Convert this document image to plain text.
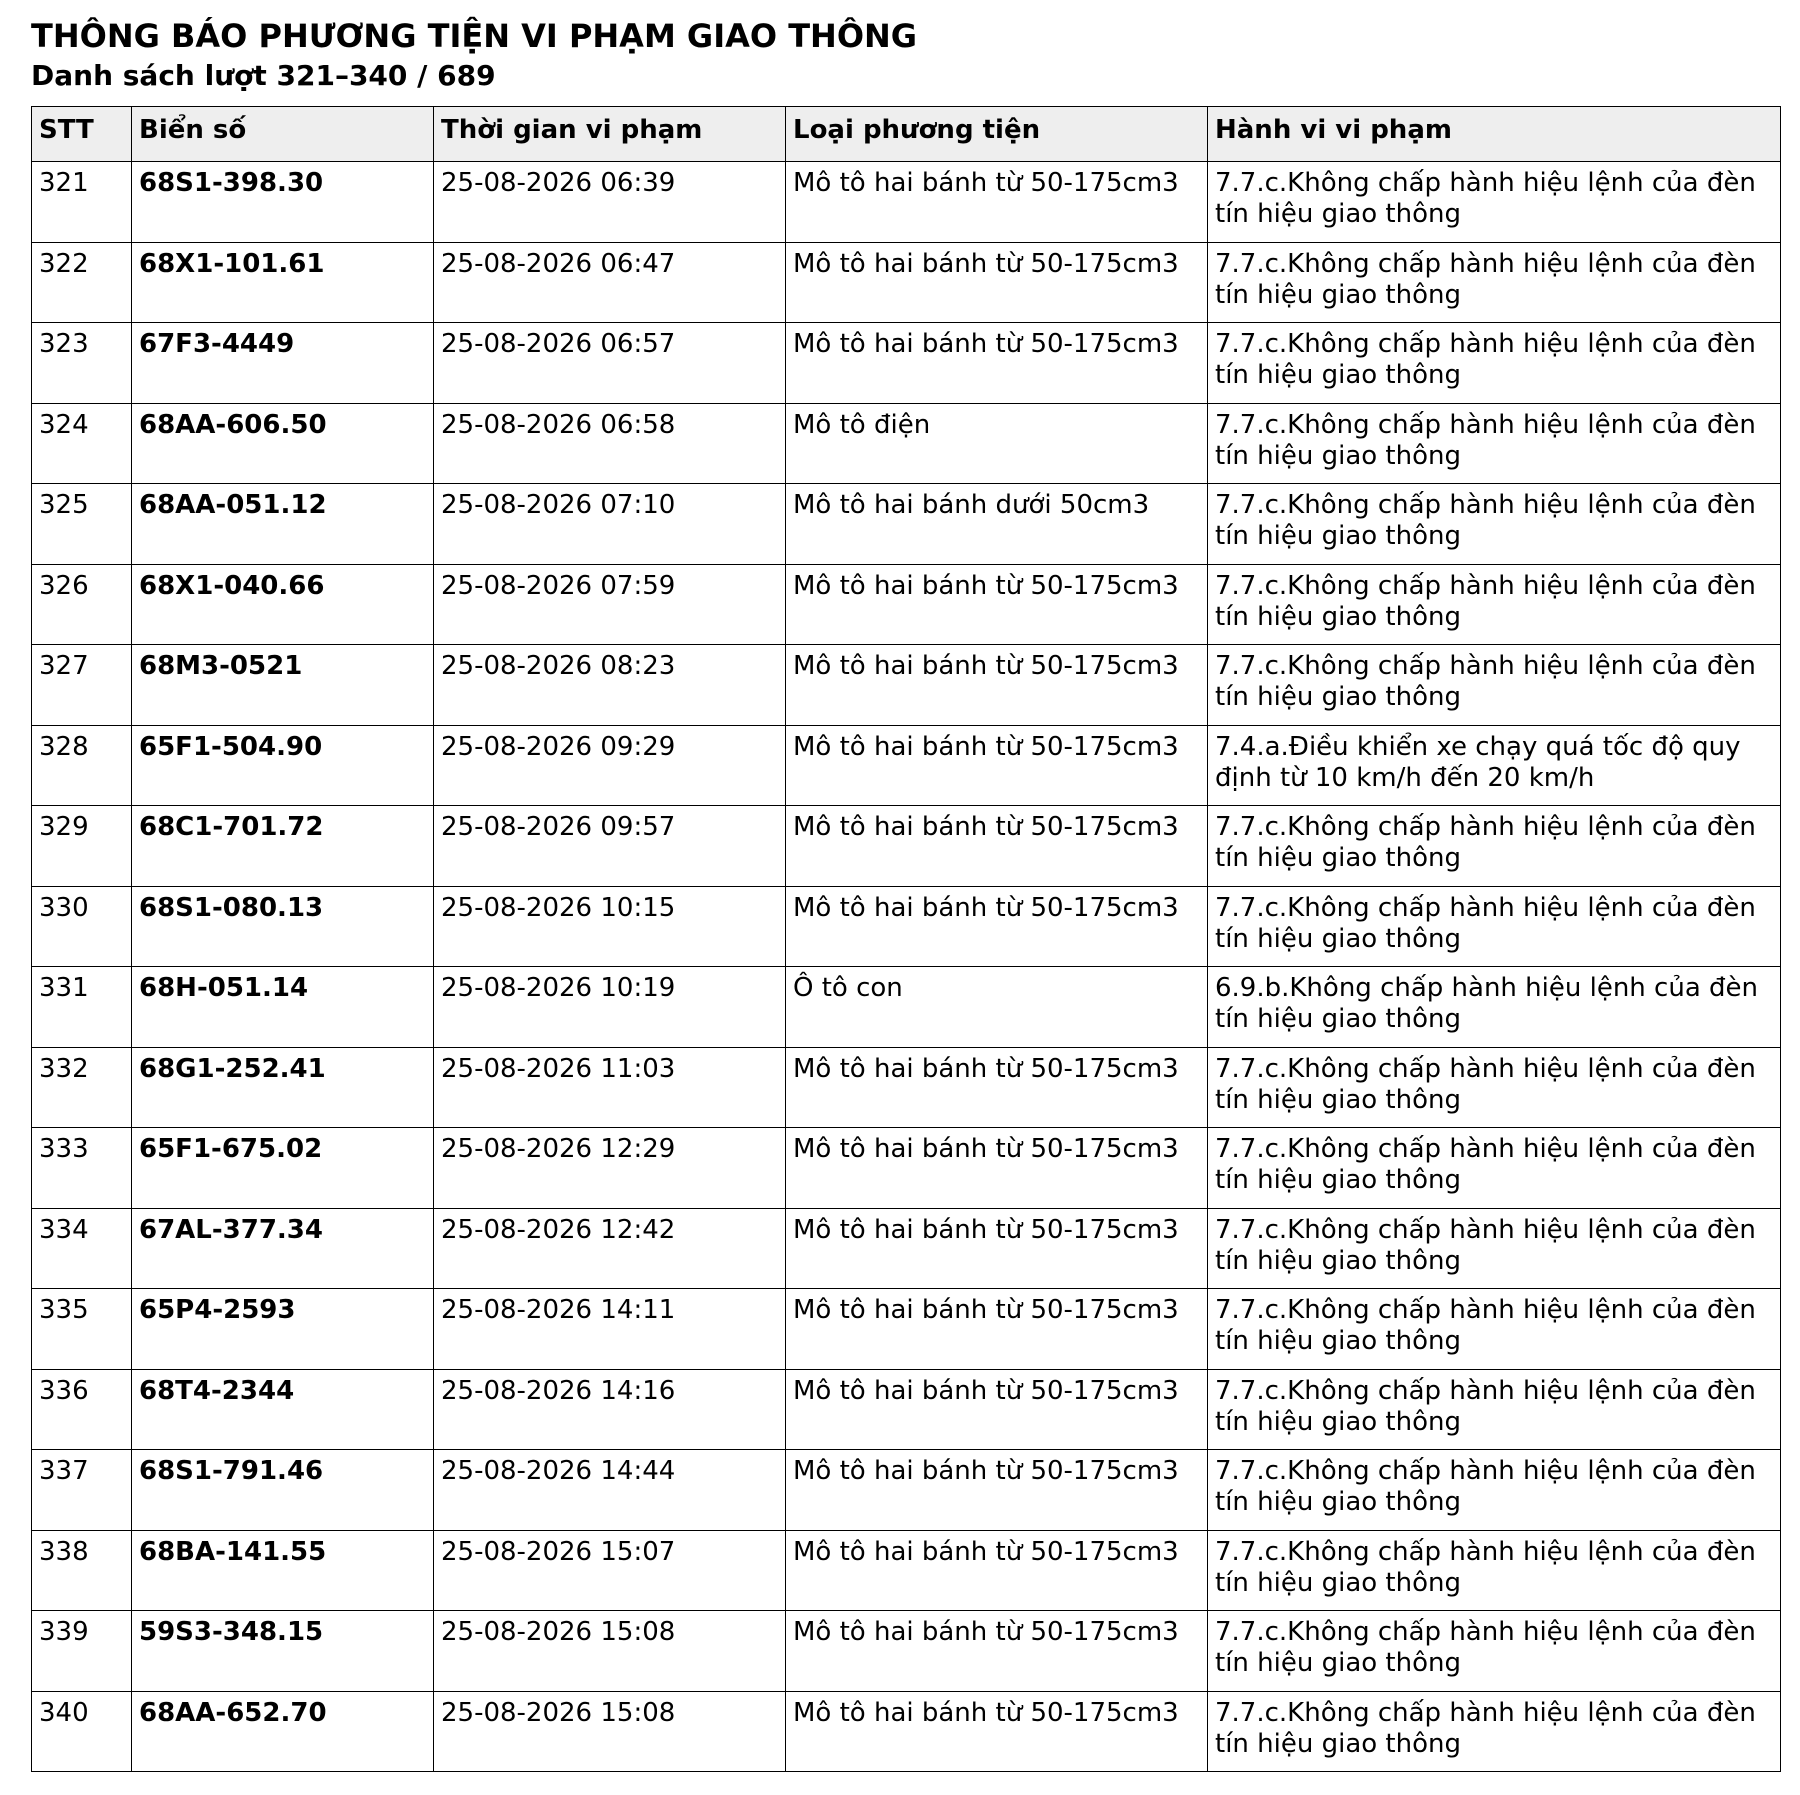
THÔNG BÁO PHƯƠNG TIỆN VI PHẠM GIAO THÔNG
Danh sách lượt 321–340 / 689
STT	Biển số	Thời gian vi phạm	Loại phương tiện	Hành vi vi phạm
321	68S1-398.30	25-08-2026 06:39	Mô tô hai bánh từ 50-175cm3	7.7.c.Không chấp hành hiệu lệnh của đèn tín hiệu giao thông
322	68X1-101.61	25-08-2026 06:47	Mô tô hai bánh từ 50-175cm3	7.7.c.Không chấp hành hiệu lệnh của đèn tín hiệu giao thông
323	67F3-4449	25-08-2026 06:57	Mô tô hai bánh từ 50-175cm3	7.7.c.Không chấp hành hiệu lệnh của đèn tín hiệu giao thông
324	68AA-606.50	25-08-2026 06:58	Mô tô điện	7.7.c.Không chấp hành hiệu lệnh của đèn tín hiệu giao thông
325	68AA-051.12	25-08-2026 07:10	Mô tô hai bánh dưới 50cm3	7.7.c.Không chấp hành hiệu lệnh của đèn tín hiệu giao thông
326	68X1-040.66	25-08-2026 07:59	Mô tô hai bánh từ 50-175cm3	7.7.c.Không chấp hành hiệu lệnh của đèn tín hiệu giao thông
327	68M3-0521	25-08-2026 08:23	Mô tô hai bánh từ 50-175cm3	7.7.c.Không chấp hành hiệu lệnh của đèn tín hiệu giao thông
328	65F1-504.90	25-08-2026 09:29	Mô tô hai bánh từ 50-175cm3	7.4.a.Điều khiển xe chạy quá tốc độ quy định từ 10 km/h đến 20 km/h
329	68C1-701.72	25-08-2026 09:57	Mô tô hai bánh từ 50-175cm3	7.7.c.Không chấp hành hiệu lệnh của đèn tín hiệu giao thông
330	68S1-080.13	25-08-2026 10:15	Mô tô hai bánh từ 50-175cm3	7.7.c.Không chấp hành hiệu lệnh của đèn tín hiệu giao thông
331	68H-051.14	25-08-2026 10:19	Ô tô con	6.9.b.Không chấp hành hiệu lệnh của đèn tín hiệu giao thông
332	68G1-252.41	25-08-2026 11:03	Mô tô hai bánh từ 50-175cm3	7.7.c.Không chấp hành hiệu lệnh của đèn tín hiệu giao thông
333	65F1-675.02	25-08-2026 12:29	Mô tô hai bánh từ 50-175cm3	7.7.c.Không chấp hành hiệu lệnh của đèn tín hiệu giao thông
334	67AL-377.34	25-08-2026 12:42	Mô tô hai bánh từ 50-175cm3	7.7.c.Không chấp hành hiệu lệnh của đèn tín hiệu giao thông
335	65P4-2593	25-08-2026 14:11	Mô tô hai bánh từ 50-175cm3	7.7.c.Không chấp hành hiệu lệnh của đèn tín hiệu giao thông
336	68T4-2344	25-08-2026 14:16	Mô tô hai bánh từ 50-175cm3	7.7.c.Không chấp hành hiệu lệnh của đèn tín hiệu giao thông
337	68S1-791.46	25-08-2026 14:44	Mô tô hai bánh từ 50-175cm3	7.7.c.Không chấp hành hiệu lệnh của đèn tín hiệu giao thông
338	68BA-141.55	25-08-2026 15:07	Mô tô hai bánh từ 50-175cm3	7.7.c.Không chấp hành hiệu lệnh của đèn tín hiệu giao thông
339	59S3-348.15	25-08-2026 15:08	Mô tô hai bánh từ 50-175cm3	7.7.c.Không chấp hành hiệu lệnh của đèn tín hiệu giao thông
340	68AA-652.70	25-08-2026 15:08	Mô tô hai bánh từ 50-175cm3	7.7.c.Không chấp hành hiệu lệnh của đèn tín hiệu giao thông
